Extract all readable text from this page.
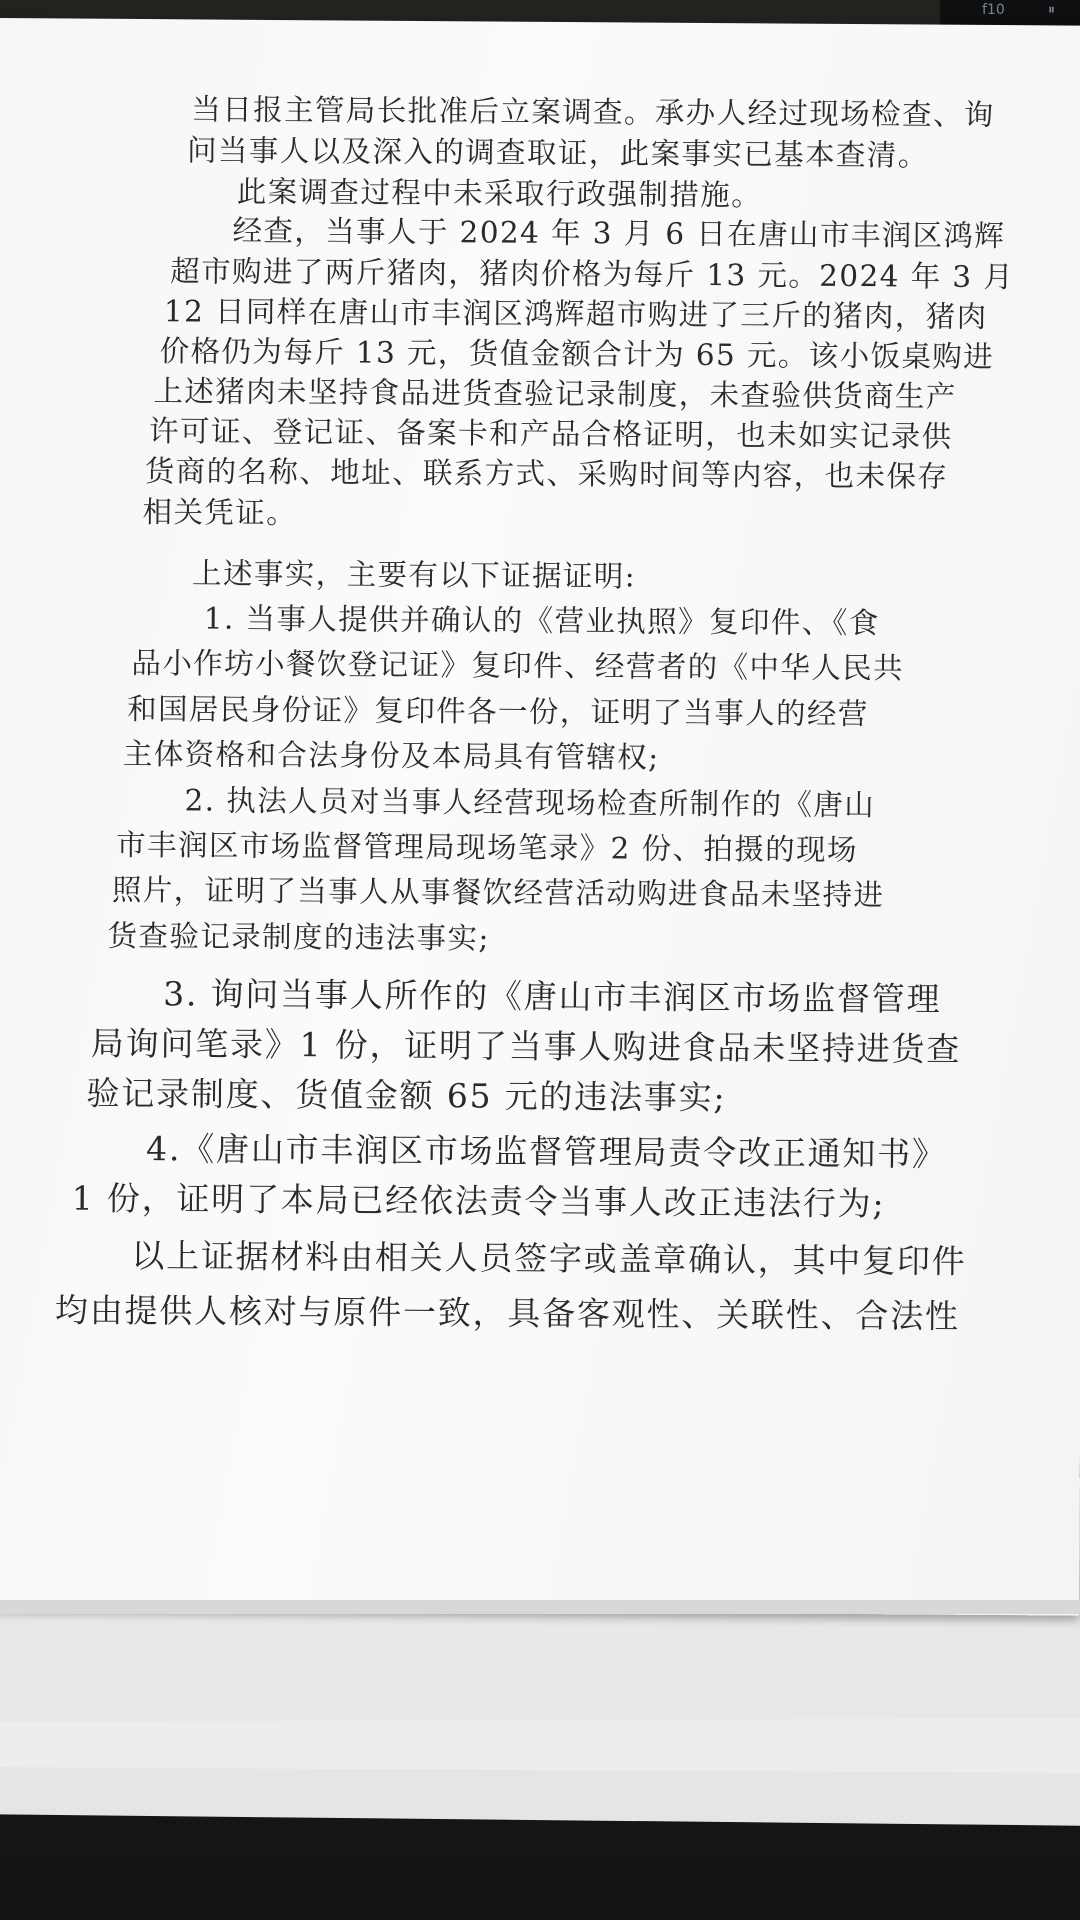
f10	⏸

当日报主管局长批准后立案调查。承办人经过现场检查、询

问当事人以及深入的调查取证，此案事实已基本查清。

此案调查过程中未采取行政强制措施。

经查，当事人于 2024 年 3 月 6 日在唐山市丰润区鸿辉

超市购进了两斤猪肉，猪肉价格为每斤 13 元。2024 年 3 月

12 日同样在唐山市丰润区鸿辉超市购进了三斤的猪肉，猪肉

价格仍为每斤 13 元，货值金额合计为 65 元。该小饭桌购进

上述猪肉未坚持食品进货查验记录制度，未查验供货商生产

许可证、登记证、备案卡和产品合格证明，也未如实记录供

货商的名称、地址、联系方式、采购时间等内容，也未保存

相关凭证。

上述事实，主要有以下证据证明:

1. 当事人提供并确认的《营业执照》复印件、《食

品小作坊小餐饮登记证》复印件、经营者的《中华人民共

和国居民身份证》复印件各一份，证明了当事人的经营

主体资格和合法身份及本局具有管辖权;

2. 执法人员对当事人经营现场检查所制作的《唐山

市丰润区市场监督管理局现场笔录》2 份、拍摄的现场

照片，证明了当事人从事餐饮经营活动购进食品未坚持进

货查验记录制度的违法事实;

3. 询问当事人所作的《唐山市丰润区市场监督管理

局询问笔录》1 份，证明了当事人购进食品未坚持进货查

验记录制度、货值金额 65 元的违法事实;

4.《唐山市丰润区市场监督管理局责令改正通知书》

1 份，证明了本局已经依法责令当事人改正违法行为;

以上证据材料由相关人员签字或盖章确认，其中复印件

均由提供人核对与原件一致，具备客观性、关联性、合法性
